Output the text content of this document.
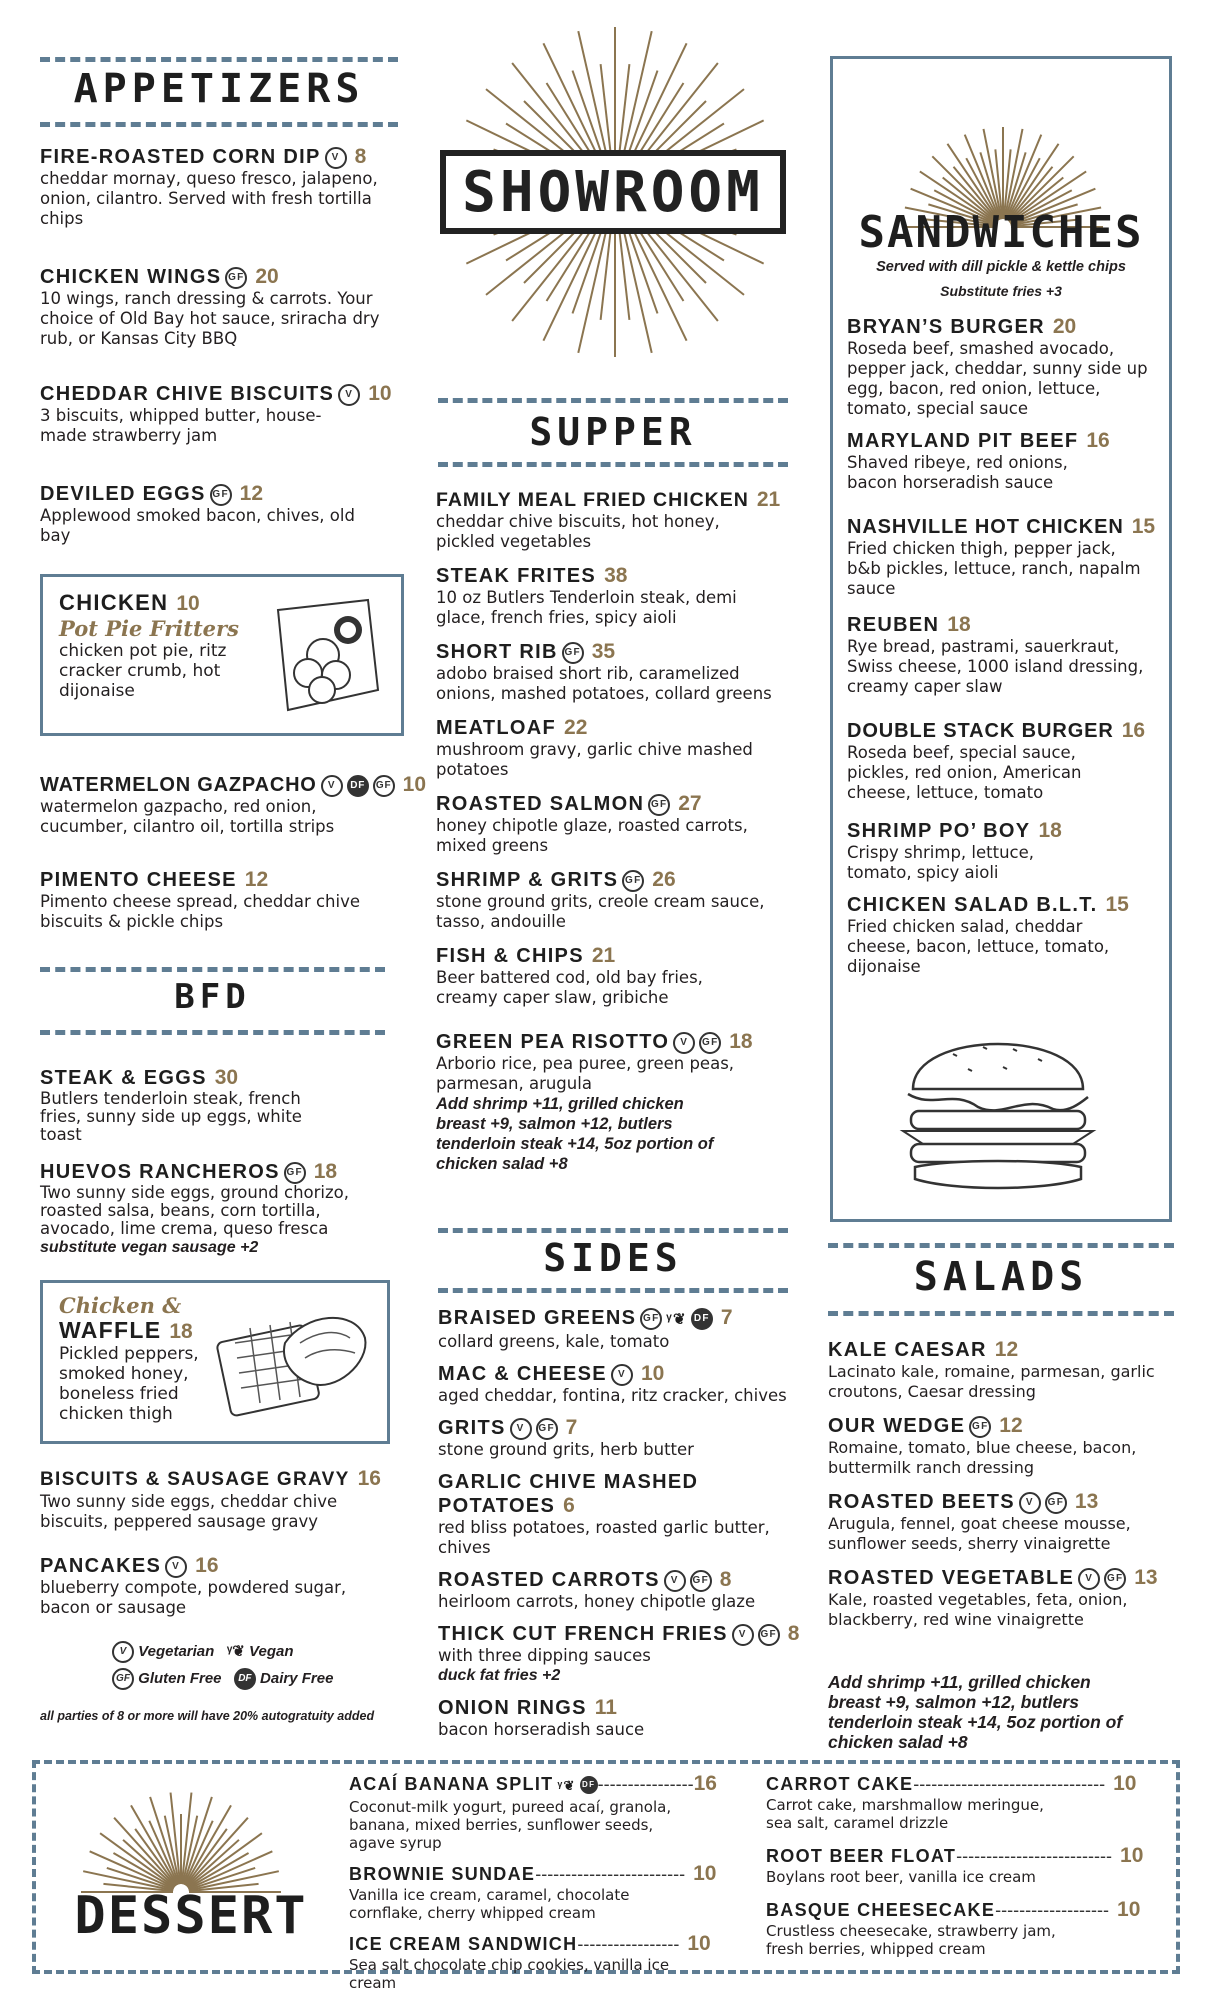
APPETIZERS
FIRE-ROASTED CORN DIP V 8
cheddar mornay, queso fresco, jalapeno, onion, cilantro. Served with fresh tortilla chips
CHICKEN WINGS GF 20
10 wings, ranch dressing & carrots. Your choice of Old Bay hot sauce, sriracha dry rub, or Kansas City BBQ
CHEDDAR CHIVE BISCUITS V 10
3 biscuits, whipped butter, house-made strawberry jam
DEVILED EGGS GF 12
Applewood smoked bacon, chives, old bay
CHICKEN 10
Pot Pie Fritters
chicken pot pie, ritz cracker crumb, hot dijonaise
WATERMELON GAZPACHO V DF GF 10
watermelon gazpacho, red onion, cucumber, cilantro oil, tortilla strips
PIMENTO CHEESE 12
Pimento cheese spread, cheddar chive biscuits & pickle chips
BFD
STEAK & EGGS 30
Butlers tenderloin steak, french fries, sunny side up eggs, white toast
HUEVOS RANCHEROS GF 18
Two sunny side eggs, ground chorizo, roasted salsa, beans, corn tortilla, avocado, lime crema, queso fresca
substitute vegan sausage +2
Chicken &
WAFFLE 18
Pickled peppers, smoked honey, boneless fried chicken thigh
BISCUITS & SAUSAGE GRAVY 16
Two sunny side eggs, cheddar chive biscuits, peppered sausage gravy
PANCAKES V 16
blueberry compote, powdered sugar, bacon or sausage
V Vegetarian ᵞ❦ Vegan
GF Gluten Free DF Dairy Free
all parties of 8 or more will have 20% autogratuity added
SHOWROOM
SUPPER
FAMILY MEAL FRIED CHICKEN 21
cheddar chive biscuits, hot honey, pickled vegetables
STEAK FRITES 38
10 oz Butlers Tenderloin steak, demi glace, french fries, spicy aioli
SHORT RIB GF 35
adobo braised short rib, caramelized onions, mashed potatoes, collard greens
MEATLOAF 22
mushroom gravy, garlic chive mashed potatoes
ROASTED SALMON GF 27
honey chipotle glaze, roasted carrots, mixed greens
SHRIMP & GRITS GF 26
stone ground grits, creole cream sauce, tasso, andouille
FISH & CHIPS 21
Beer battered cod, old bay fries, creamy caper slaw, gribiche
GREEN PEA RISOTTO V GF 18
Arborio rice, pea puree, green peas, parmesan, arugula
Add shrimp +11, grilled chicken breast +9, salmon +12, butlers tenderloin steak +14, 5oz portion of chicken salad +8
SIDES
BRAISED GREENS GF ᵞ❦ DF 7
collard greens, kale, tomato
MAC & CHEESE V 10
aged cheddar, fontina, ritz cracker, chives
GRITS V GF 7
stone ground grits, herb butter
GARLIC CHIVE MASHED
POTATOES 6
red bliss potatoes, roasted garlic butter, chives
ROASTED CARROTS V GF 8
heirloom carrots, honey chipotle glaze
THICK CUT FRENCH FRIES V GF 8
with three dipping sauces
duck fat fries +2
ONION RINGS 11
bacon horseradish sauce
SANDWICHES
Served with dill pickle & kettle chips
Substitute fries +3
BRYAN’S BURGER 20
Roseda beef, smashed avocado, pepper jack, cheddar, sunny side up egg, bacon, red onion, lettuce, tomato, special sauce
MARYLAND PIT BEEF 16
Shaved ribeye, red onions, bacon horseradish sauce
NASHVILLE HOT CHICKEN 15
Fried chicken thigh, pepper jack, b&b pickles, lettuce, ranch, napalm sauce
REUBEN 18
Rye bread, pastrami, sauerkraut, Swiss cheese, 1000 island dressing, creamy caper slaw
DOUBLE STACK BURGER 16
Roseda beef, special sauce, pickles, red onion, American cheese, lettuce, tomato
SHRIMP PO’ BOY 18
Crispy shrimp, lettuce, tomato, spicy aioli
CHICKEN SALAD B.L.T. 15
Fried chicken salad, cheddar cheese, bacon, lettuce, tomato, dijonaise
SALADS
KALE CAESAR 12
Lacinato kale, romaine, parmesan, garlic croutons, Caesar dressing
OUR WEDGE GF 12
Romaine, tomato, blue cheese, bacon, buttermilk ranch dressing
ROASTED BEETS V GF 13
Arugula, fennel, goat cheese mousse, sunflower seeds, sherry vinaigrette
ROASTED VEGETABLE V GF 13
Kale, roasted vegetables, feta, onion, blackberry, red wine vinaigrette
Add shrimp +11, grilled chicken breast +9, salmon +12, butlers tenderloin steak +14, 5oz portion of chicken salad +8
DESSERT
ACAÍ BANANA SPLIT ᵞ❦ DF ----------------16
Coconut-milk yogurt, pureed acaí, granola, banana, mixed berries, sunflower seeds, agave syrup
BROWNIE SUNDAE------------------------- 10
Vanilla ice cream, caramel, chocolate cornflake, cherry whipped cream
ICE CREAM SANDWICH----------------- 10
Sea salt chocolate chip cookies, vanilla ice cream
CARROT CAKE-------------------------------- 10
Carrot cake, marshmallow meringue, sea salt, caramel drizzle
ROOT BEER FLOAT-------------------------- 10
Boylans root beer, vanilla ice cream
BASQUE CHEESECAKE------------------- 10
Crustless cheesecake, strawberry jam, fresh berries, whipped cream
